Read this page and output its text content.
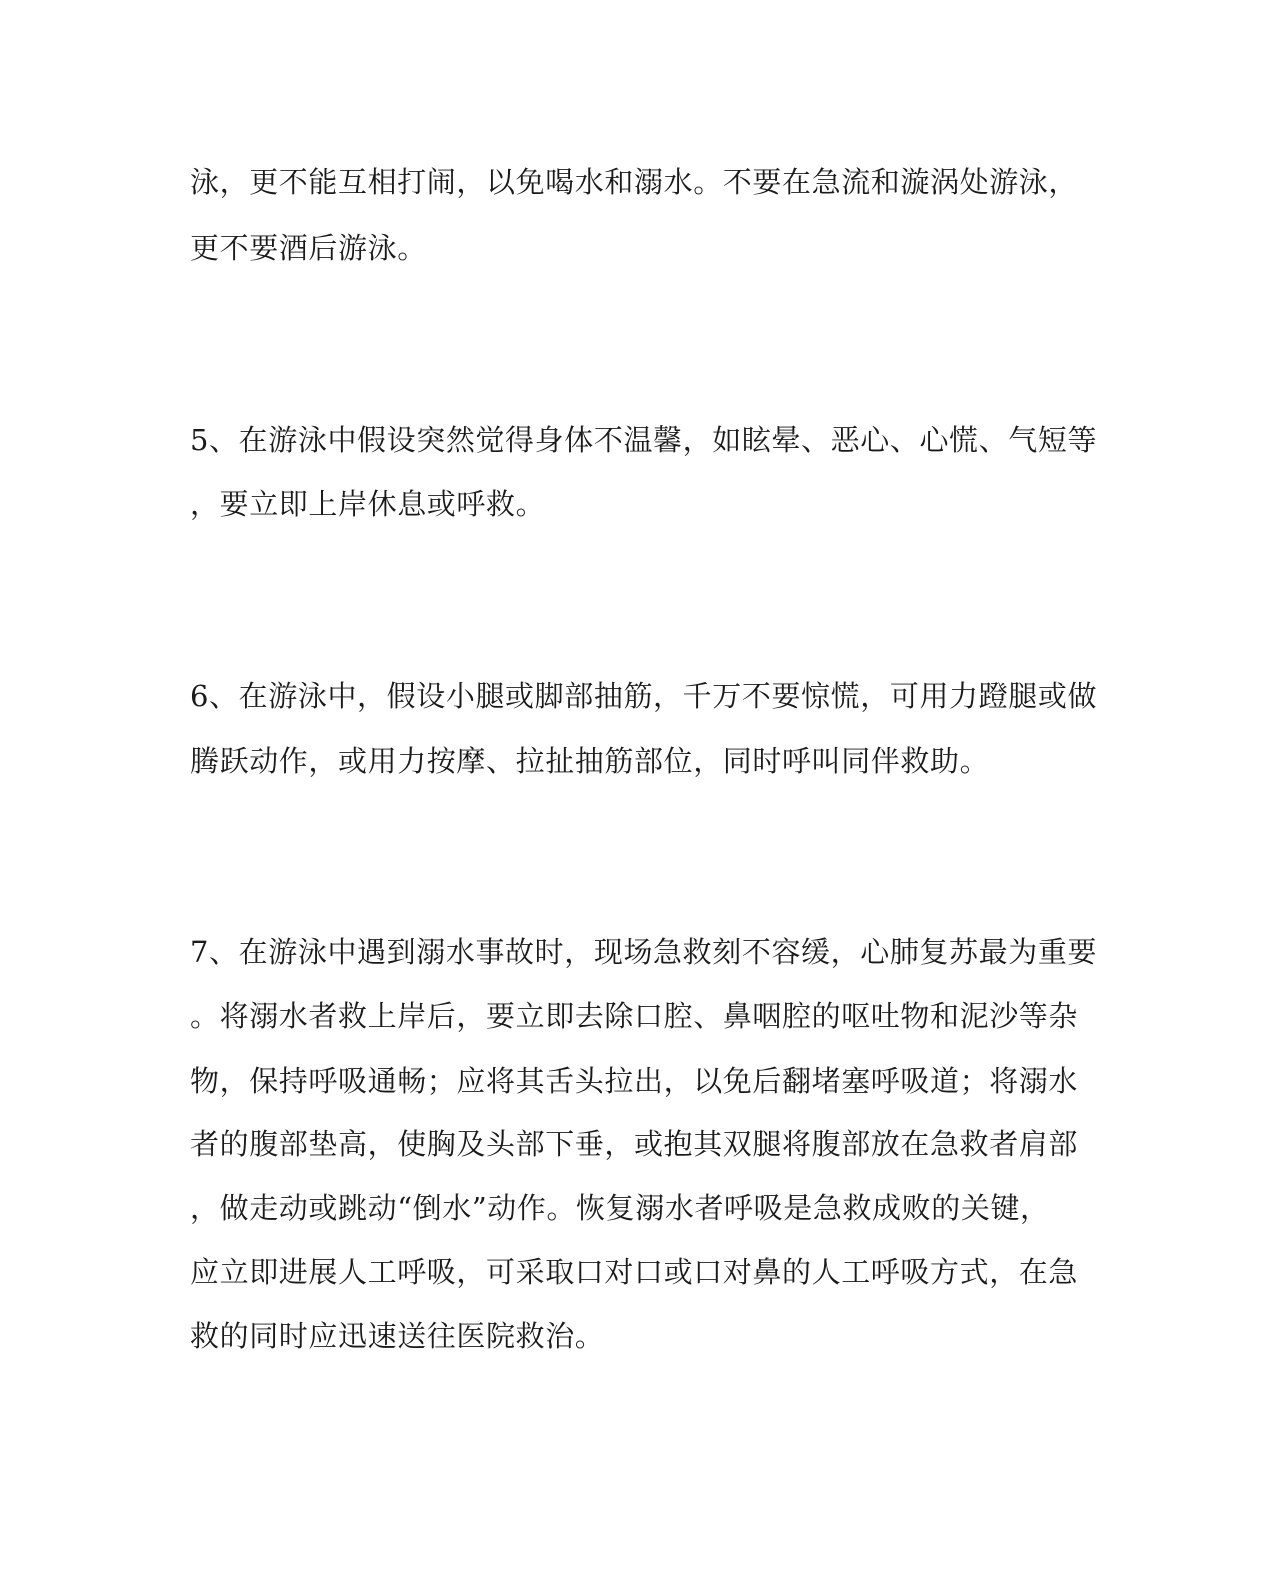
泳，更不能互相打闹，以免喝水和溺水。不要在急流和漩涡处游泳，
更不要酒后游泳。
5、在游泳中假设突然觉得身体不温馨，如眩晕、恶心、心慌、气短等
，要立即上岸休息或呼救。
6、在游泳中，假设小腿或脚部抽筋，千万不要惊慌，可用力蹬腿或做
腾跃动作，或用力按摩、拉扯抽筋部位，同时呼叫同伴救助。
7、在游泳中遇到溺水事故时，现场急救刻不容缓，心肺复苏最为重要
。将溺水者救上岸后，要立即去除口腔、鼻咽腔的呕吐物和泥沙等杂
物，保持呼吸通畅；应将其舌头拉出，以免后翻堵塞呼吸道；将溺水
者的腹部垫高，使胸及头部下垂，或抱其双腿将腹部放在急救者肩部
，做走动或跳动“倒水”动作。恢复溺水者呼吸是急救成败的关键，
应立即进展人工呼吸，可采取口对口或口对鼻的人工呼吸方式，在急
救的同时应迅速送往医院救治。
